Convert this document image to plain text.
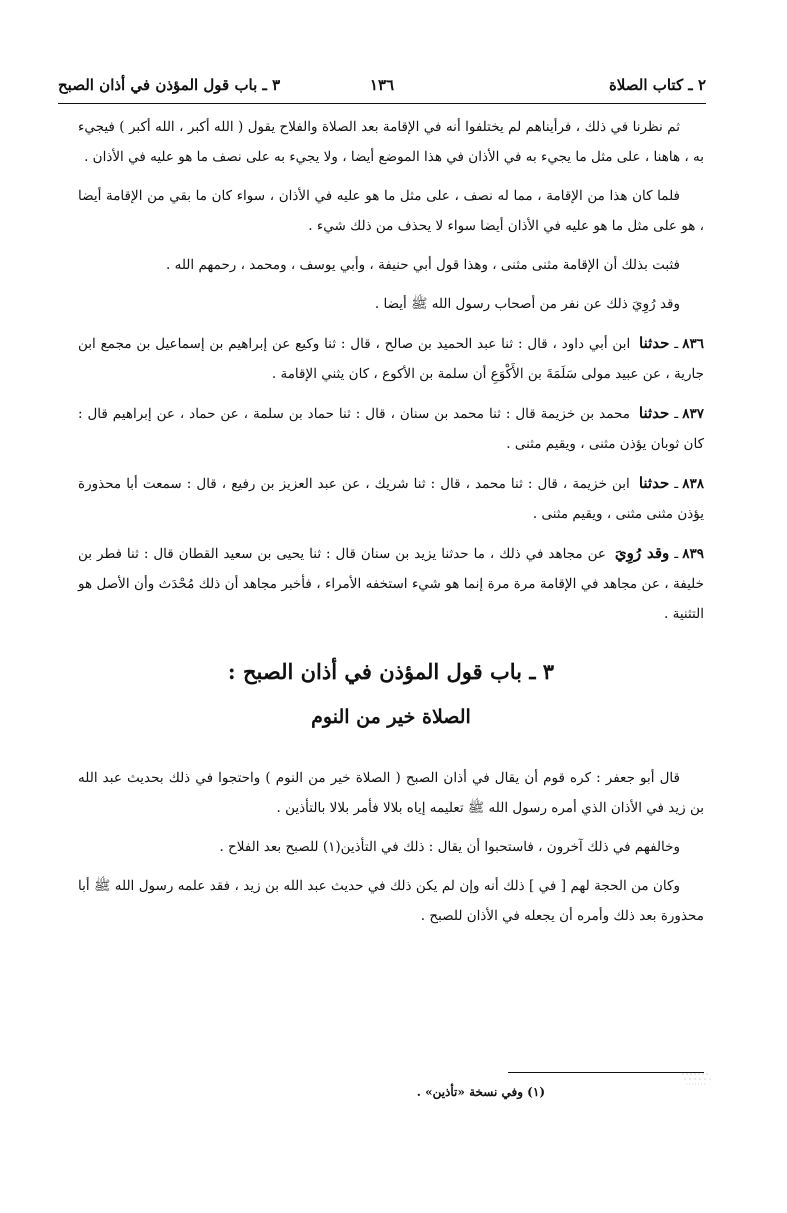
٢ ـ كتاب الصلاة
١٣٦
٣ ـ باب قول المؤذن في أذان الصبح

ثم نظرنا في ذلك ، فرأيناهم لم يختلفوا أنه في الإقامة بعد الصلاة والفلاح يقول ( الله أكبر ، الله أكبر ) فيجيء به ، هاهنا ، على مثل ما يجيء به في الأذان في هذا الموضع أيضا ، ولا يجيء به على نصف ما هو عليه في الأذان .

فلما كان هذا من الإقامة ، مما له نصف ، على مثل ما هو عليه في الأذان ، سواء كان ما بقي من الإقامة أيضا ، هو على مثل ما هو عليه في الأذان أيضا سواء لا يحذف من ذلك شيء .

فثبت بذلك أن الإقامة مثنى مثنى ، وهذا قول أبي حنيفة ، وأبي يوسف ، ومحمد ، رحمهم الله .

وقد رُوِيَ ذلك عن نفر من أصحاب رسول الله ﷺ أيضا .

٨٣٦ـ حدثنا ابن أبي داود ، قال : ثنا عبد الحميد بن صالح ، قال : ثنا وكيع عن إبراهيم بن إسماعيل بن مجمع ابن جارية ، عن عبيد مولى سَلَمَةَ بن الأَكْوَعِ أن سلمة بن الأكوع ، كان يثني الإقامة .

٨٣٧ـ حدثنا محمد بن خزيمة قال : ثنا محمد بن سنان ، قال : ثنا حماد بن سلمة ، عن حماد ، عن إبراهيم قال : كان ثوبان يؤذن مثنى ، ويقيم مثنى .

٨٣٨ـ حدثنا ابن خزيمة ، قال : ثنا محمد ، قال : ثنا شريك ، عن عبد العزيز بن رفيع ، قال : سمعت أبا محذورة يؤذن مثنى مثنى ، ويقيم مثنى .

٨٣٩ـ وقد رُوِيَ عن مجاهد في ذلك ، ما حدثنا يزيد بن سنان قال : ثنا يحيى بن سعيد القطان قال : ثنا فطر بن خليفة ، عن مجاهد في الإقامة مرة مرة إنما هو شيء استخفه الأمراء ، فأخبر مجاهد أن ذلك مُحْدَث وأن الأصل هو التثنية .

٣ ـ باب قول المؤذن في أذان الصبح :
الصلاة خير من النوم

قال أبو جعفر : كره قوم أن يقال في أذان الصبح ( الصلاة خير من النوم ) واحتجوا في ذلك بحديث عبد الله بن زيد في الأذان الذي أمره رسول الله ﷺ تعليمه إياه بلالا فأمر بلالا بالتأذين .

وخالفهم في ذلك آخرون ، فاستحبوا أن يقال : ذلك في التأذين(١) للصبح بعد الفلاح .

وكان من الحجة لهم [ في ] ذلك أنه وإن لم يكن ذلك في حديث عبد الله بن زيد ، فقد علمه رسول الله ﷺ أبا محذورة بعد ذلك وأمره أن يجعله في الأذان للصبح .

(١) وفي نسخة «تأذين» .
